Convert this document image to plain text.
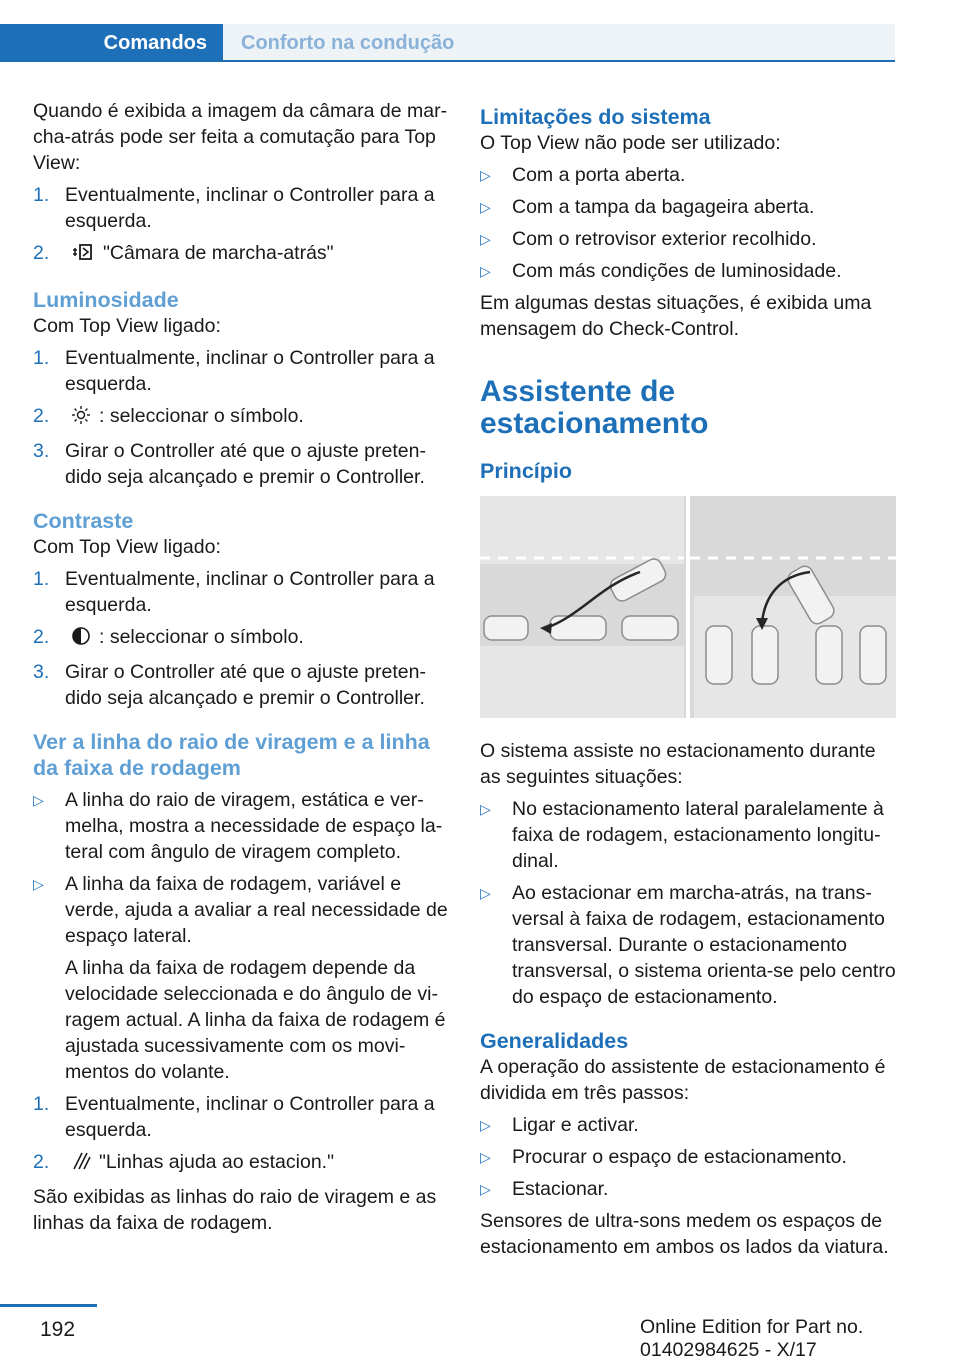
Comandos	Conforto na condução

Quando é exibida a imagem da câmara de marcha-atrás pode ser feita a comutação para Top View:

1. Eventualmente, inclinar o Controller para a esquerda.
2.	"Câmara de marcha-atrás"
Luminosidade

Com Top View ligado:

1. Eventualmente, inclinar o Controller para a esquerda.
2.	: seleccionar o símbolo.
3. Girar o Controller até que o ajuste pretendido seja alcançado e premir o Controller.
Contraste

Com Top View ligado:

1. Eventualmente, inclinar o Controller para a esquerda.
2.	: seleccionar o símbolo.
3. Girar o Controller até que o ajuste pretendido seja alcançado e premir o Controller.
Ver a linha do raio de viragem e a linha da faixa de rodagem
▷ A linha do raio de viragem, estática e vermelha, mostra a necessidade de espaço lateral com ângulo de viragem completo.
▷ A linha da faixa de rodagem, variável e verde, ajuda a avaliar a real necessidade de espaço lateral.
A linha da faixa de rodagem depende da velocidade seleccionada e do ângulo de viragem actual. A linha da faixa de rodagem é ajustada sucessivamente com os movimentos do volante.
1. Eventualmente, inclinar o Controller para a esquerda.
2.	"Linhas ajuda ao estacion."

São exibidas as linhas do raio de viragem e as linhas da faixa de rodagem.

Limitações do sistema

O Top View não pode ser utilizado:

▷ Com a porta aberta.
▷ Com a tampa da bagageira aberta.
▷ Com o retrovisor exterior recolhido.
▷ Com más condições de luminosidade.

Em algumas destas situações, é exibida uma mensagem do Check-Control.

Assistente de estacionamento
Princípio

O sistema assiste no estacionamento durante as seguintes situações:

▷ No estacionamento lateral paralelamente à faixa de rodagem, estacionamento longitudinal.
▷ Ao estacionar em marcha-atrás, na transversal à faixa de rodagem, estacionamento transversal. Durante o estacionamento transversal, o sistema orienta-se pelo centro do espaço de estacionamento.
Generalidades

A operação do assistente de estacionamento é dividida em três passos:

▷ Ligar e activar.
▷ Procurar o espaço de estacionamento.
▷ Estacionar.

Sensores de ultra-sons medem os espaços de estacionamento em ambos os lados da viatura.

192	Online Edition for Part no. 01402984625 - X/17
